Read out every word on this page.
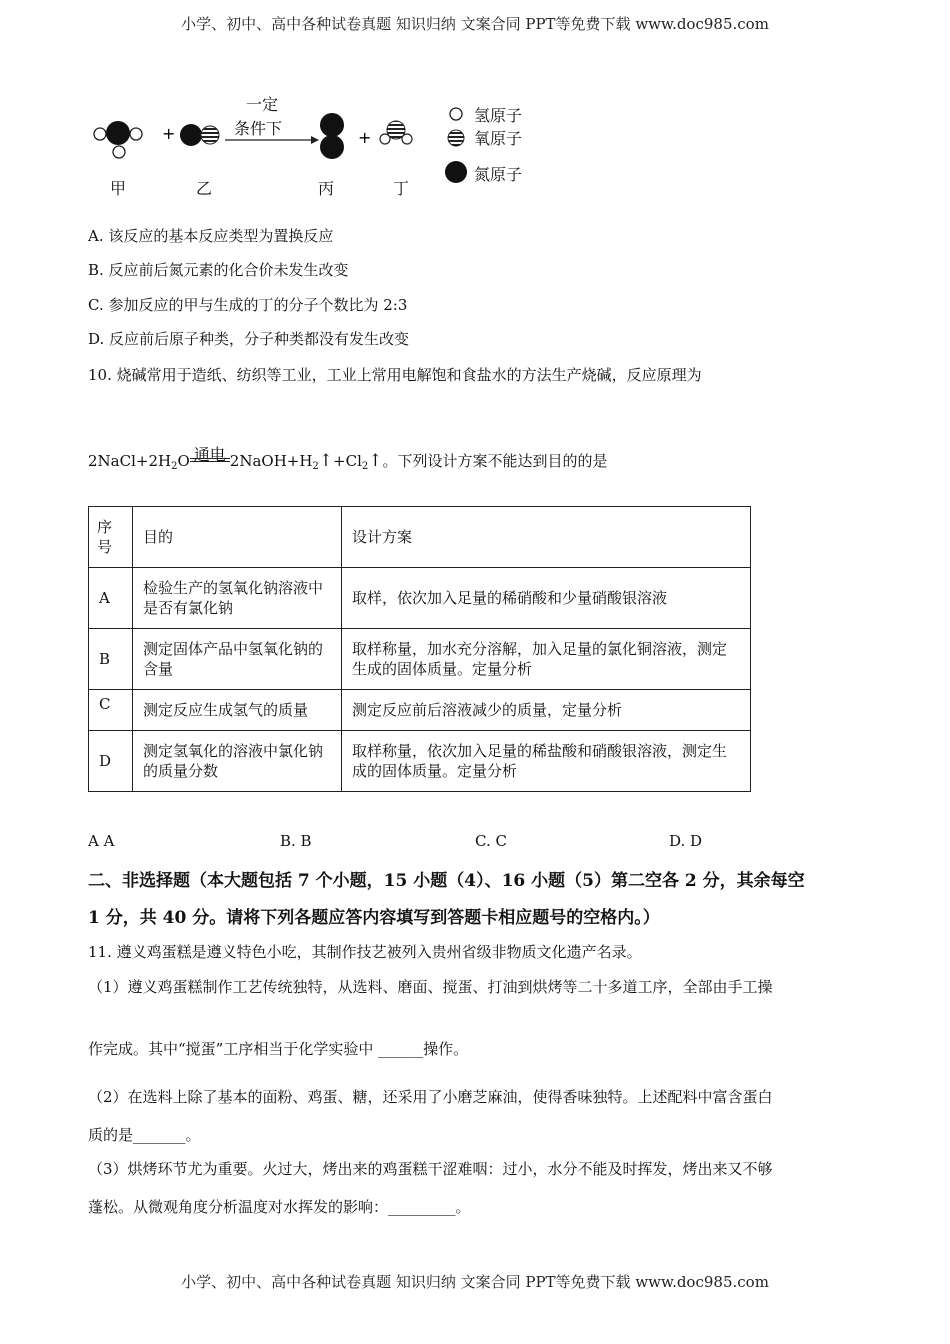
小学、初中、高中各种试卷真题 知识归纳 文案合同 PPT等免费下载 www.doc985.com
+	+
一定
条件下
甲	乙	丙	丁
氢原子
氧原子
氮原子
A. 该反应的基本反应类型为置换反应
B. 反应前后氮元素的化合价未发生改变
C. 参加反应的甲与生成的丁的分子个数比为 2:3
D. 反应前后原子种类，分子种类都没有发生改变
10. 烧碱常用于造纸、纺织等工业，工业上常用电解饱和食盐水的方法生产烧碱，反应原理为
$2NaCl+2H_2O$ 通电 $2NaOH+H_2↑+Cl_2↑$。下列设计方案不能达到目的的是
序号	目的	设计方案
A	检验生产的氢氧化钠溶液中是否有氯化钠	取样，依次加入足量的稀硝酸和少量硝酸银溶液
B	测定固体产品中氢氧化钠的含量	取样称量，加水充分溶解，加入足量的氯化铜溶液，测定生成的固体质量。定量分析
C	测定反应生成氢气的质量	测定反应前后溶液减少的质量，定量分析
D	测定氢氧化的溶液中氯化钠的质量分数	取样称量，依次加入足量的稀盐酸和硝酸银溶液，测定生成的固体质量。定量分析
A A	B. B	C. C	D. D
二、非选择题（本大题包括 7 个小题，15 小题（4）、16 小题（5）第二空各 2 分，其余每空
1 分，共 40 分。请将下列各题应答内容填写到答题卡相应题号的空格内。）
11. 遵义鸡蛋糕是遵义特色小吃，其制作技艺被列入贵州省级非物质文化遗产名录。
（1）遵义鸡蛋糕制作工艺传统独特，从选料、磨面、搅蛋、打油到烘烤等二十多道工序，全部由手工操
作完成。其中“搅蛋”工序相当于化学实验中 ______操作。
（2）在选料上除了基本的面粉、鸡蛋、糖，还采用了小磨芝麻油，使得香味独特。上述配料中富含蛋白
质的是_______。
（3）烘烤环节尤为重要。火过大，烤出来的鸡蛋糕干涩难咽：过小，水分不能及时挥发，烤出来又不够
蓬松。从微观角度分析温度对水挥发的影响：_________。
小学、初中、高中各种试卷真题 知识归纳 文案合同 PPT等免费下载 www.doc985.com
